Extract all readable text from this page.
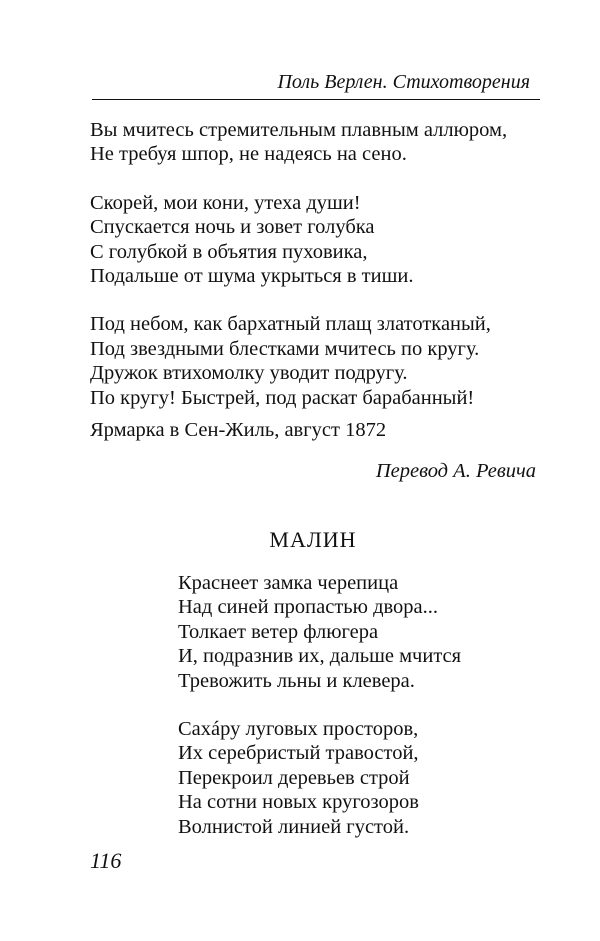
Поль Верлен. Стихотворения
Вы мчитесь стремительным плавным аллюром,
Не требуя шпор, не надеясь на сено.
Скорей, мои кони, утеха души!
Спускается ночь и зовет голубка
С голубкой в объятия пуховика,
Подальше от шума укрыться в тиши.
Под небом, как бархатный плащ златотканый,
Под звездными блестками мчитесь по кругу.
Дружок втихомолку уводит подругу.
По кругу! Быстрей, под раскат барабанный!
Ярмарка в Сен-Жиль, август 1872
Перевод А. Ревича
МАЛИН
Краснеет замка черепица
Над синей пропастью двора...
Толкает ветер флюгера
И, подразнив их, дальше мчится
Тревожить льны и клевера.
Сахáру луговых просторов,
Их серебристый травостой,
Перекроил деревьев строй
На сотни новых кругозоров
Волнистой линией густой.
116
